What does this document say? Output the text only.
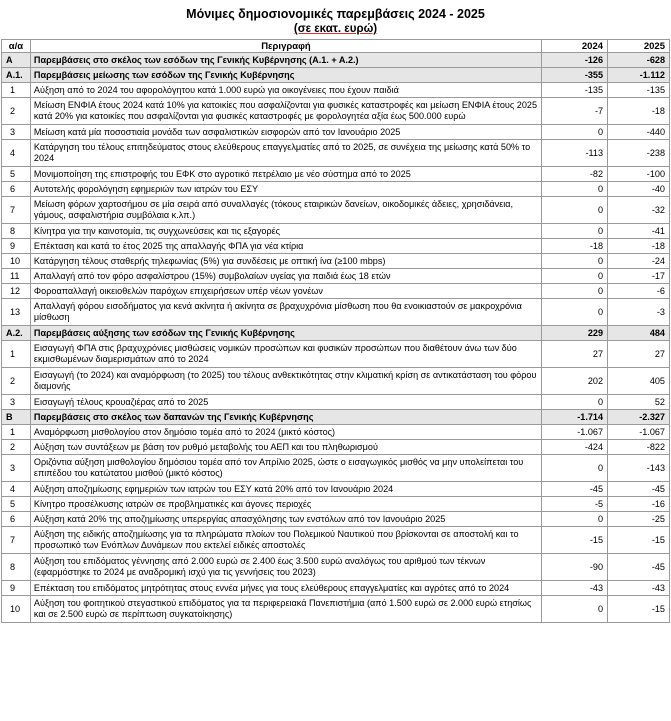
Μόνιμες δημοσιονομικές παρεμβάσεις 2024 - 2025
(σε εκατ. ευρώ)
α/α	Περιγραφή	2024	2025
A	Παρεμβάσεις στο σκέλος των εσόδων της Γενικής Κυβέρνησης (A.1. + A.2.)	-126	-628
A.1.	Παρεμβάσεις μείωσης των εσόδων της Γενικής Κυβέρνησης	-355	-1.112
1	Αύξηση από το 2024 του αφορολόγητου κατά 1.000 ευρώ για οικογένειες που έχουν παιδιά	-135	-135
2	Μείωση ΕΝΦΙΑ έτους 2024 κατά 10% για κατοικίες που ασφαλίζονται για φυσικές καταστροφές και μείωση ΕΝΦΙΑ έτους 2025 κατά 20% για κατοικίες που ασφαλίζονται για φυσικές καταστροφές με φορολογητέα αξία έως 500.000 ευρώ	-7	-18
3	Μείωση κατά μία ποσοστιαία μονάδα των ασφαλιστικών εισφορών από τον Ιανουάριο 2025	0	-440
4	Κατάργηση του τέλους επιτηδεύματος στους ελεύθερους επαγγελματίες από το 2025, σε συνέχεια της μείωσης κατά 50% το 2024	-113	-238
5	Μονιμοποίηση της επιστροφής του ΕΦΚ στο αγροτικό πετρέλαιο με νέο σύστημα από το 2025	-82	-100
6	Αυτοτελής φορολόγηση εφημεριών των ιατρών του ΕΣΥ	0	-40
7	Μείωση φόρων χαρτοσήμου σε μία σειρά από συναλλαγές (τόκους εταιρικών δανείων, οικοδομικές άδειες, χρησιδάνεια, γάμους, ασφαλιστήρια συμβόλαια κ.λπ.)	0	-32
8	Κίνητρα για την καινοτομία, τις συγχωνεύσεις και τις εξαγορές	0	-41
9	Επέκταση και κατά το έτος 2025 της απαλλαγής ΦΠΑ για νέα κτίρια	-18	-18
10	Κατάργηση τέλους σταθερής τηλεφωνίας (5%) για συνδέσεις με οπτική ίνα (≥100 mbps)	0	-24
11	Απαλλαγή από τον φόρο ασφαλίστρου (15%) συμβολαίων υγείας για παιδιά έως 18 ετών	0	-17
12	Φοροαπαλλαγή οικειοθελών παρόχων επιχειρήσεων υπέρ νέων γονέων	0	-6
13	Απαλλαγή φόρου εισοδήματος για κενά ακίνητα ή ακίνητα σε βραχυχρόνια μίσθωση που θα ενοικιαστούν σε μακροχρόνια μίσθωση	0	-3
A.2.	Παρεμβάσεις αύξησης των εσόδων της Γενικής Κυβέρνησης	229	484
1	Εισαγωγή ΦΠΑ στις βραχυχρόνιες μισθώσεις νομικών προσώπων και φυσικών προσώπων που διαθέτουν άνω των δύο εκμισθωμένων διαμερισμάτων από το 2024	27	27
2	Εισαγωγή (το 2024) και αναμόρφωση (το 2025) του τέλους ανθεκτικότητας στην κλιματική κρίση σε αντικατάσταση του φόρου διαμονής	202	405
3	Εισαγωγή τέλους κρουαζιέρας από το 2025	0	52
B	Παρεμβάσεις στο σκέλος των δαπανών της Γενικής Κυβέρνησης	-1.714	-2.327
1	Αναμόρφωση μισθολογίου στον δημόσιο τομέα από το 2024 (μικτό κόστος)	-1.067	-1.067
2	Αύξηση των συντάξεων με βάση τον ρυθμό μεταβολής του ΑΕΠ και του πληθωρισμού	-424	-822
3	Οριζόντια αύξηση μισθολογίου δημόσιου τομέα από τον Απρίλιο 2025, ώστε ο εισαγωγικός μισθός να μην υπολείπεται του επιπέδου του κατώτατου μισθού (μικτό κόστος)	0	-143
4	Αύξηση αποζημίωσης εφημεριών των ιατρών του ΕΣΥ κατά 20% από τον Ιανουάριο 2024	-45	-45
5	Κίνητρο προσέλκυσης ιατρών σε προβληματικές και άγονες περιοχές	-5	-16
6	Αύξηση κατά 20% της αποζημίωσης υπερεργίας απασχόλησης των ενστόλων από τον Ιανουάριο 2025	0	-25
7	Αύξηση της ειδικής αποζημίωσης για τα πληρώματα πλοίων του Πολεμικού Ναυτικού που βρίσκονται σε αποστολή και το προσωπικό των Ενόπλων Δυνάμεων που εκτελεί ειδικές αποστολές	-15	-15
8	Αύξηση του επιδόματος γέννησης από 2.000 ευρώ σε 2.400 έως 3.500 ευρώ αναλόγως του αριθμού των τέκνων (εφαρμόστηκε το 2024 με αναδρομική ισχύ για τις γεννήσεις του 2023)	-90	-45
9	Επέκταση του επιδόματος μητρότητας στους εννέα μήνες για τους ελεύθερους επαγγελματίες και αγρότες από το 2024	-43	-43
10	Αύξηση του φοιτητικού στεγαστικού επιδόματος για τα περιφερειακά Πανεπιστήμια (από 1.500 ευρώ σε 2.000 ευρώ ετησίως και σε 2.500 ευρώ σε περίπτωση συγκατοίκησης)	0	-15
